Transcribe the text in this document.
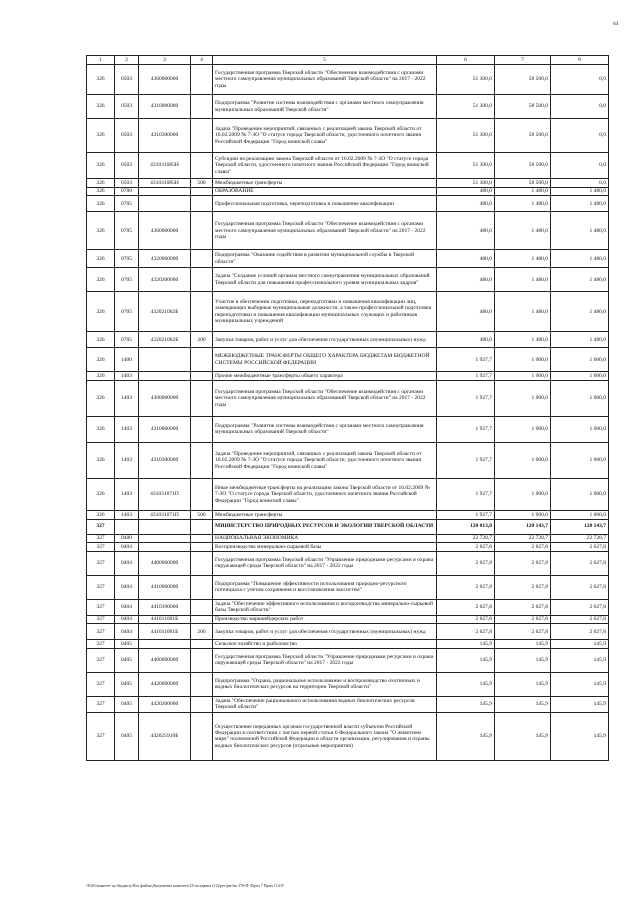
64
1	2	3	4	5	6	7	8
326	0503	4300000000		Государственная программа Тверской области "Обеспечение взаимодействия с органами местного самоуправления муниципальных образований Тверской области" на 2017 - 2022 годы	51 300,0	58 500,0	0,0
326	0503	4310000000		Подпрограмма "Развитие системы взаимодействия с органами местного самоуправления муниципальных образований Тверской области"	51 300,0	58 500,0	0,0
326	0503	4310300000		Задача "Проведение мероприятий, связанных с реализацией закона Тверской области от 16.02.2009 № 7-ЗО "О статусе города Тверской области, удостоенного почетного звания Российской Федерации "Город воинской славы"	51 300,0	58 500,0	0,0
326	0503	431031085Н		Субсидии на реализацию закона Тверской области от 16.02.2009 № 7-ЗО "О статусе города Тверской области, удостоенного почетного звания Российской Федерации "Город воинской славы"	51 300,0	58 500,0	0,0
326	0503	431031085Н	500	Межбюджетные трансферты	51 300,0	58 500,0	0,0
326	0700			ОБРАЗОВАНИЕ	480,0	1 480,0	1 480,0
326	0705			Профессиональная подготовка, переподготовка и повышение квалификации	480,0	1 480,0	1 480,0
326	0705	4300000000		Государственная программа Тверской области "Обеспечение взаимодействия с органами местного самоуправления муниципальных образований Тверской области" на 2017 - 2022 годы	480,0	1 480,0	1 480,0
326	0705	4320000000		Подпрограмма "Оказание содействия в развитии муниципальной службы в Тверской области"	480,0	1 480,0	1 480,0
326	0705	4320200000		Задача "Создание условий органам местного самоуправления муниципальных образований Тверской области для повышения профессионального уровня муниципальных кадров"	480,0	1 480,0	1 480,0
326	0705	432021062Б		Участие в обеспечении подготовки, переподготовки и повышения квалификации лиц, замещающих выборные муниципальные должности, а также профессиональной подготовки переподготовки и повышения квалификации муниципальных служащих и работников муниципальных учреждений	480,0	1 480,0	1 480,0
326	0705	432021062Б	200	Закупка товаров, работ и услуг для обеспечения государственных (муниципальных) нужд	480,0	1 480,0	1 480,0
326	1400			МЕЖБЮДЖЕТНЫЕ ТРАНСФЕРТЫ ОБЩЕГО ХАРАКТЕРА БЮДЖЕТАМ БЮДЖЕТНОЙ СИСТЕМЫ РОССИЙСКОЙ ФЕДЕРАЦИИ	1 927,7	1 000,0	1 000,0
326	1403			Прочие межбюджетные трансферты общего характера	1 927,7	1 000,0	1 000,0
326	1403	4300000000		Государственная программа Тверской области "Обеспечение взаимодействия с органами местного самоуправления муниципальных образований Тверской области" на 2017 - 2022 годы	1 927,7	1 000,0	1 000,0
326	1403	4310000000		Подпрограмма "Развитие системы взаимодействия с органами местного самоуправления муниципальных образований Тверской области"	1 927,7	1 000,0	1 000,0
326	1403	4310300000		Задача "Проведение мероприятий, связанных с реализацией закона Тверской области от 16.02.2009 № 7-ЗО "О статусе города Тверской области, удостоенного почетного звания Российской Федерации "Город воинской славы"	1 927,7	1 000,0	1 000,0
326	1403	431031071П		Иные межбюджетные трансферты на реализацию закона Тверской области от 16.02.2009 № 7-ЗО "О статусе города Тверской области, удостоенного почетного звания Российской Федерации "Город воинской славы"	1 927,7	1 000,0	1 000,0
326	1403	431031071П	500	Межбюджетные трансферты	1 927,7	1 000,0	1 000,0
327				МИНИСТЕРСТВО ПРИРОДНЫХ РЕСУРСОВ И ЭКОЛОГИИ ТВЕРСКОЙ ОБЛАСТИ	120 013,0	120 143,7	120 143,7
327	0400			НАЦИОНАЛЬНАЯ ЭКОНОМИКА	22 728,7	22 728,7	22 728,7
327	0404			Воспроизводство минерально-сырьевой базы	2 627,8	2 627,8	2 627,8
327	0404	4400000000		Государственная программа Тверской области "Управление природными ресурсами и охрана окружающей среды Тверской области" на 2017 - 2022 годы	2 627,8	2 627,8	2 627,8
327	0404	4410000000		Подпрограмма "Повышение эффективности использования природно-ресурсного потенциала с учетом сохранения и восстановления экосистем"	2 627,8	2 627,8	2 627,8
327	0404	4410100000		Задача "Обеспечение эффективного использования и воспроизводства минерально-сырьевой базы Тверской области"	2 627,8	2 627,8	2 627,8
327	0404	441011001Б		Производство маркшейдерских работ	2 627,8	2 627,8	2 627,8
327	0404	441011001Б	200	Закупка товаров, работ и услуг для обеспечения государственных (муниципальных) нужд	2 627,8	2 627,8	2 627,8
327	0405			Сельское хозяйство и рыболовство	145,9	145,9	145,9
327	0405	4400000000		Государственная программа Тверской области "Управление природными ресурсами и охрана окружающей среды Тверской области" на 2017 - 2022 годы	145,9	145,9	145,9
327	0405	4420000000		Подпрограмма "Охрана, рациональное использование и воспроизводство охотничьих и водных биологических ресурсов на территории Тверской области"	145,9	145,9	145,9
327	0405	4420200000		Задача "Обеспечение рационального использования водных биологических ресурсов Тверской области"	145,9	145,9	145,9
327	0405	442025910Б		Осуществление переданных органам государственной власти субъектов Российской Федерации в соответствии с частью первой статьи 6 Федерального закона "О животном мире" полномочий Российской Федерации в области организации, регулирования и охраны водных биологических ресурсов (отдельные мероприятия)	145,9	145,9	145,9
\\Fs01\комитет по бюджету\Все файлы\Документы комитета\18 заседание (12)\рег\рег\на 376-П-\Прил 7 Прил 11\СР
